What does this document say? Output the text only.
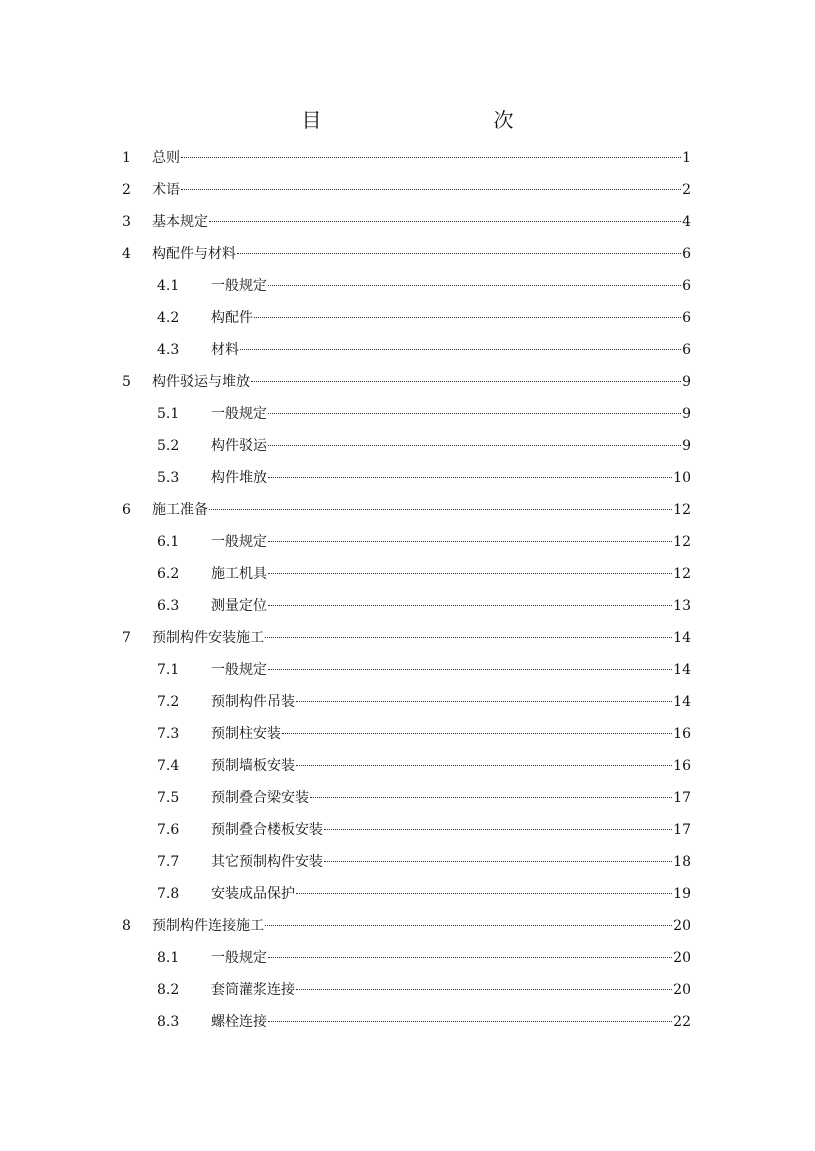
目　　次
1	总则	1
2	术语	2
3	基本规定	4
4	构配件与材料	6
4.1	一般规定	6
4.2	构配件	6
4.3	材料	6
5	构件驳运与堆放	9
5.1	一般规定	9
5.2	构件驳运	9
5.3	构件堆放	10
6	施工准备	12
6.1	一般规定	12
6.2	施工机具	12
6.3	测量定位	13
7	预制构件安装施工	14
7.1	一般规定	14
7.2	预制构件吊装	14
7.3	预制柱安装	16
7.4	预制墙板安装	16
7.5	预制叠合梁安装	17
7.6	预制叠合楼板安装	17
7.7	其它预制构件安装	18
7.8	安装成品保护	19
8	预制构件连接施工	20
8.1	一般规定	20
8.2	套筒灌浆连接	20
8.3	螺栓连接	22
